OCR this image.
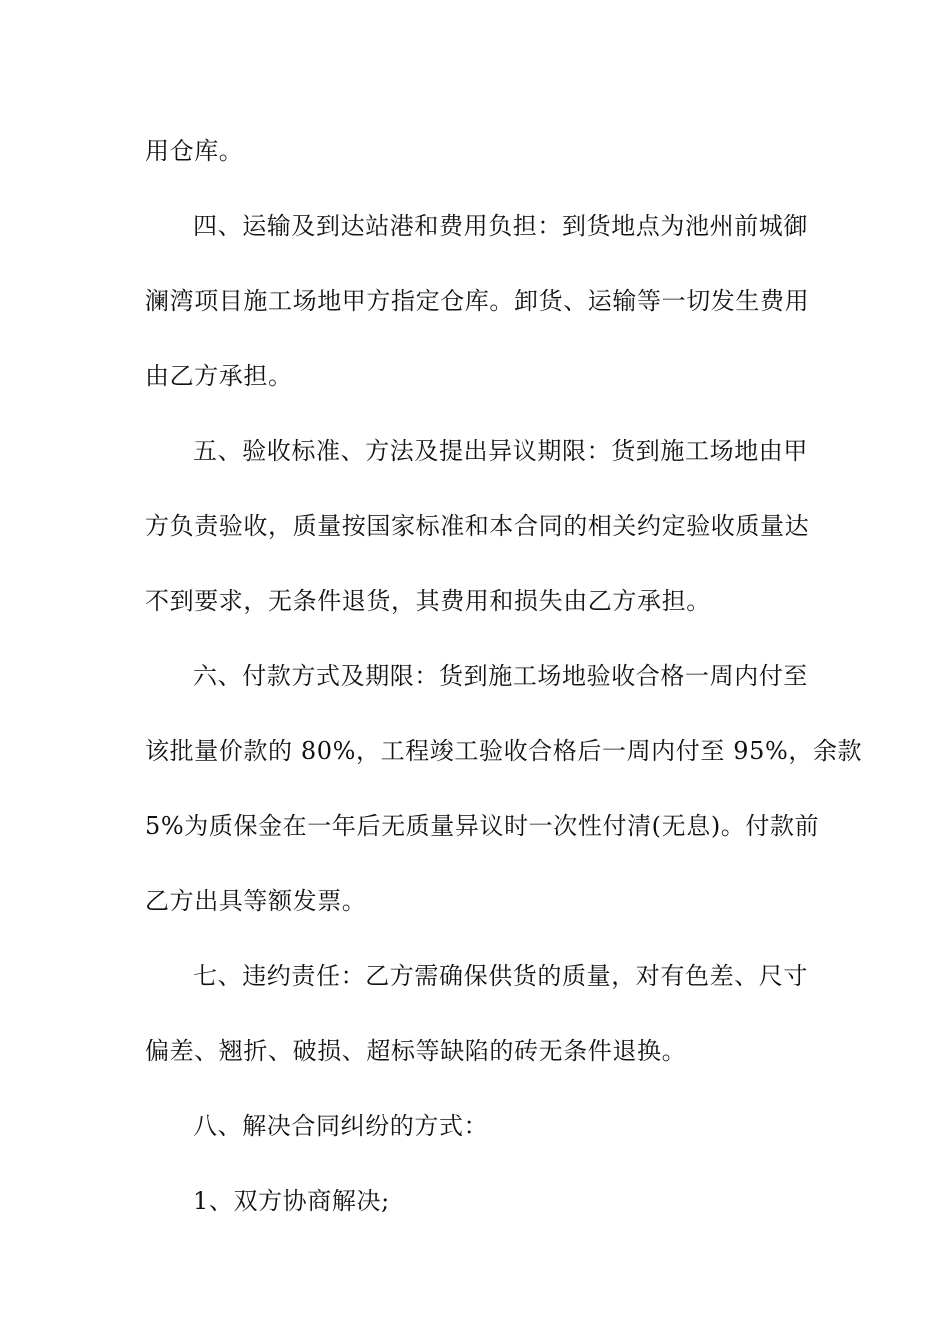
用仓库。
四、运输及到达站港和费用负担：到货地点为池州前城御
澜湾项目施工场地甲方指定仓库。卸货、运输等一切发生费用
由乙方承担。
五、验收标准、方法及提出异议期限：货到施工场地由甲
方负责验收，质量按国家标准和本合同的相关约定验收质量达
不到要求，无条件退货，其费用和损失由乙方承担。
六、付款方式及期限：货到施工场地验收合格一周内付至
该批量价款的 80%，工程竣工验收合格后一周内付至 95%，余款
5%为质保金在一年后无质量异议时一次性付清(无息)。付款前
乙方出具等额发票。
七、违约责任：乙方需确保供货的质量，对有色差、尺寸
偏差、翘折、破损、超标等缺陷的砖无条件退换。
八、解决合同纠纷的方式：
1、双方协商解决;
